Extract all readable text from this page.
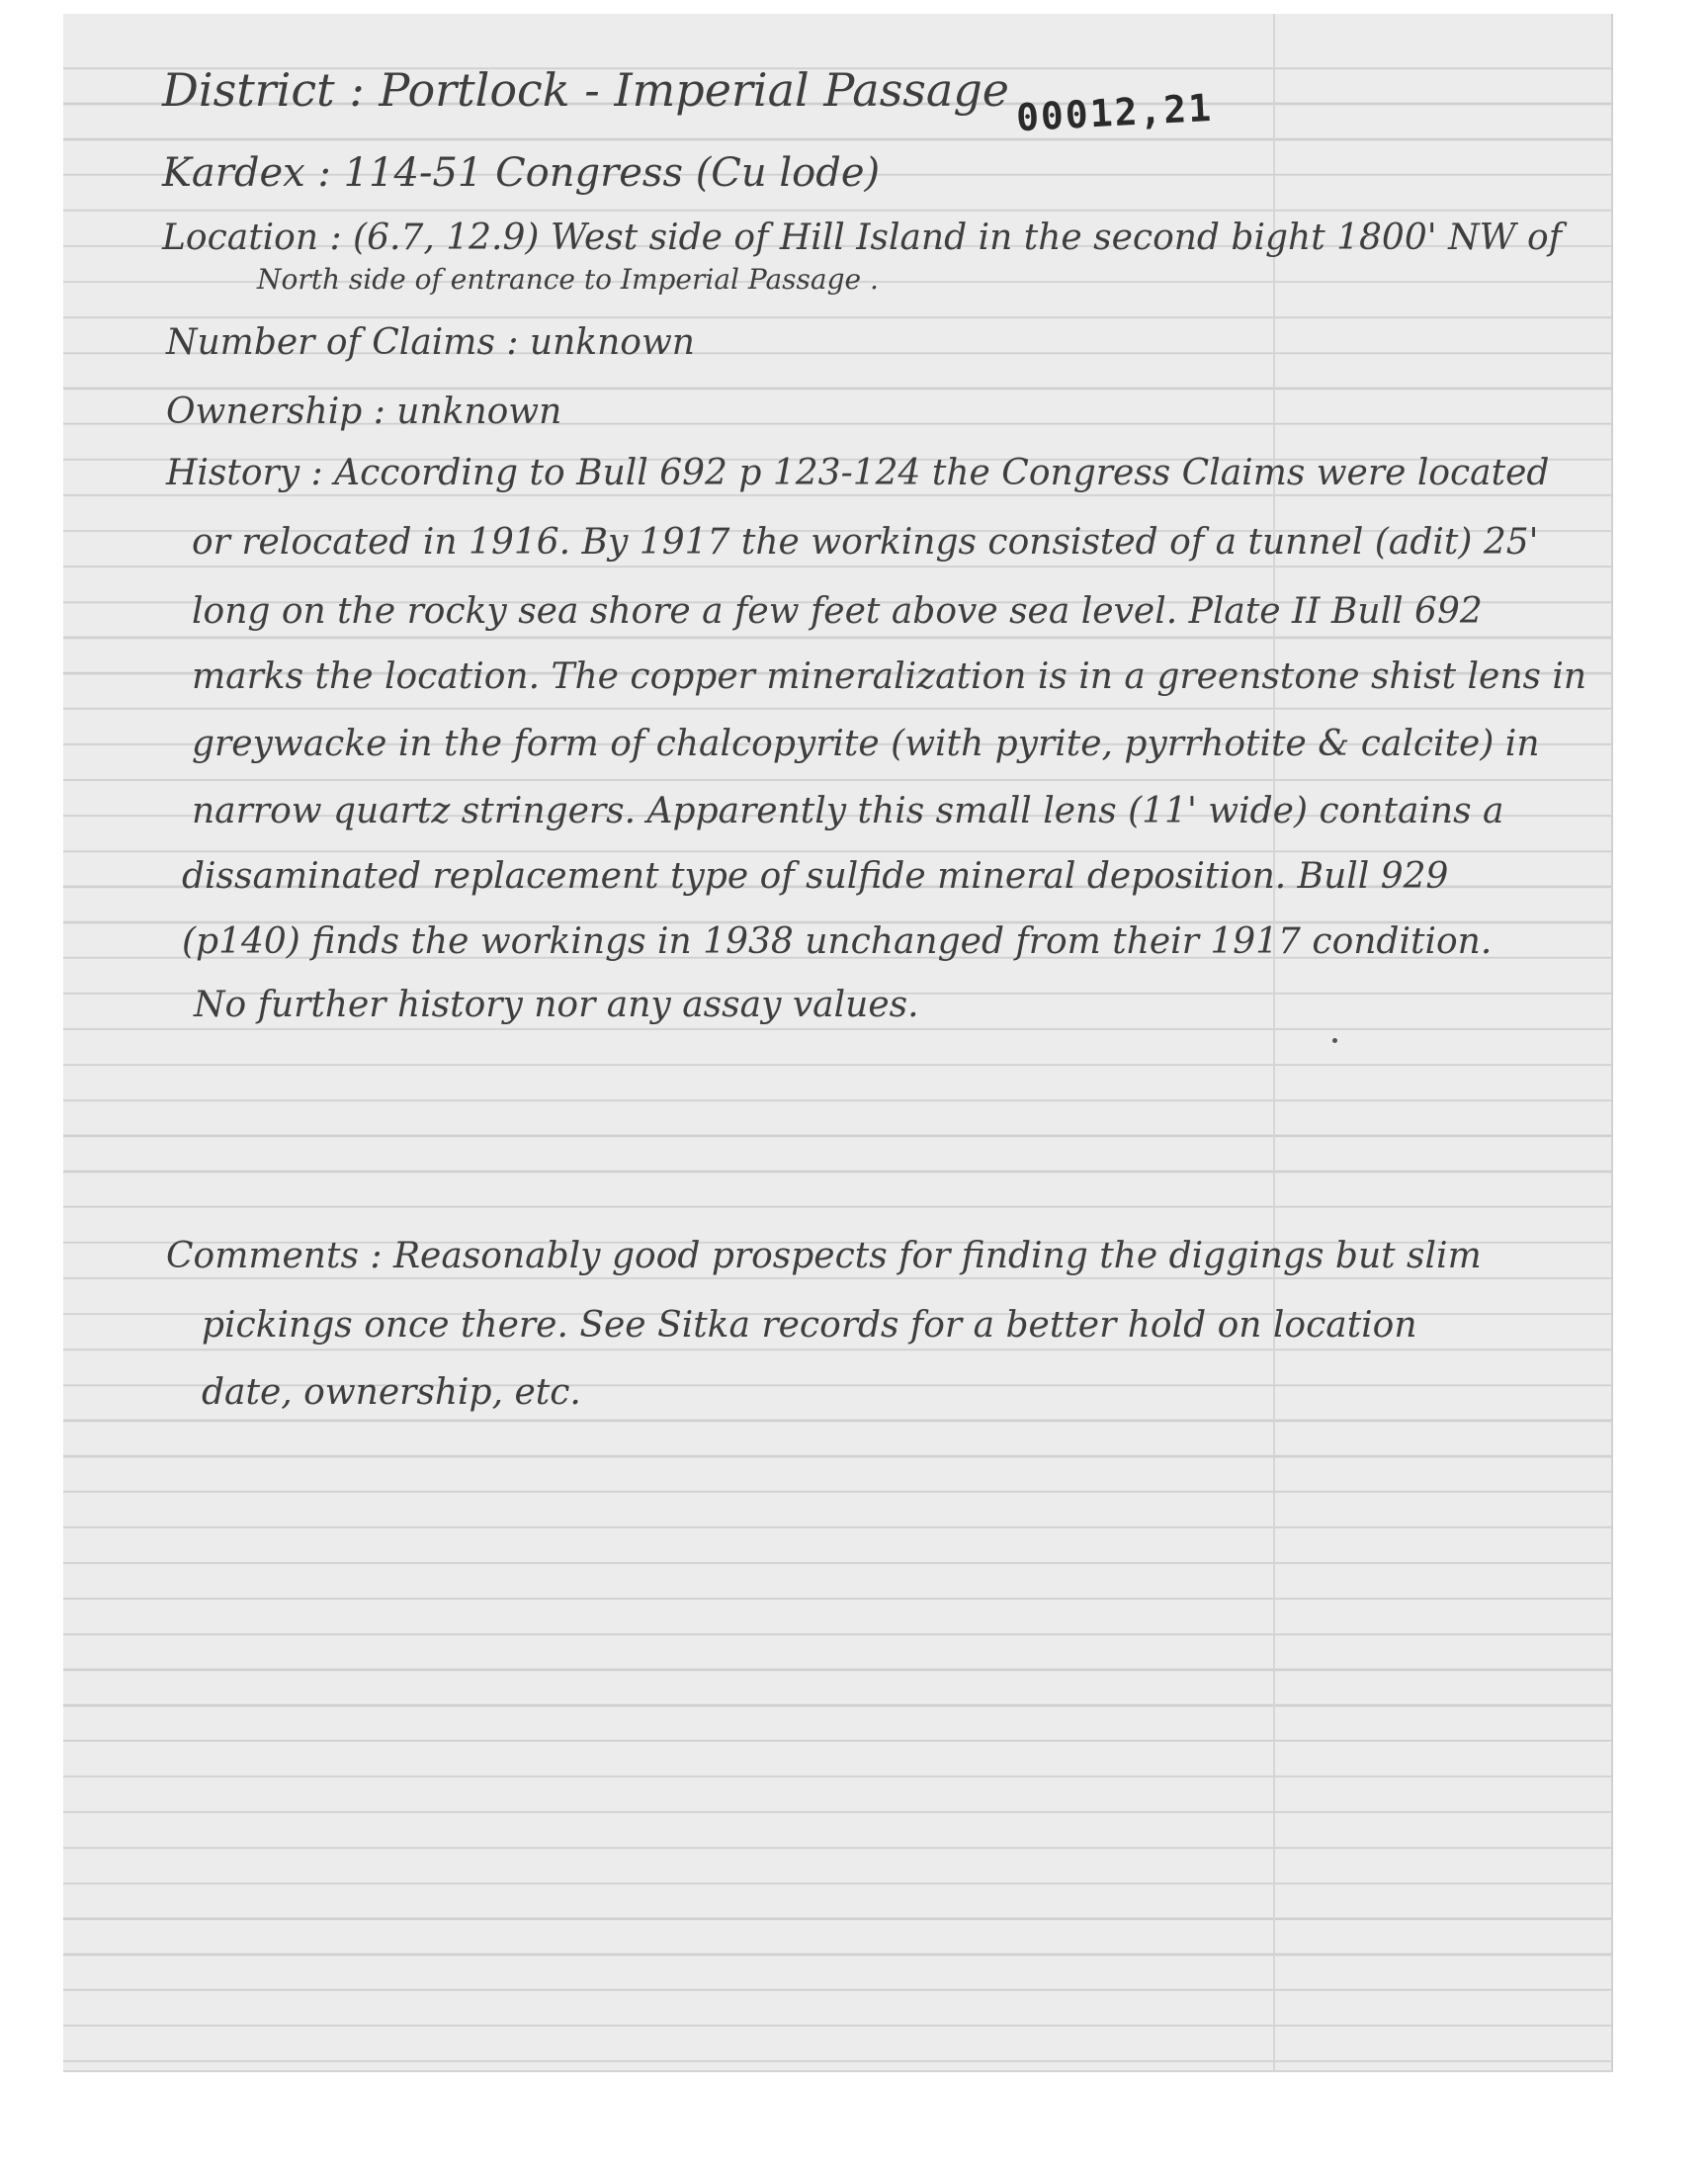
00012,21

District : Portlock - Imperial Passage

Kardex : 114-51 Congress (Cu lode)

Location : (6.7, 12.9) West side of Hill Island in the second bight 1800' NW of

North side of entrance to Imperial Passage .

Number of Claims : unknown

Ownership : unknown

History : According to Bull 692 p 123-124 the Congress Claims were located

or relocated in 1916. By 1917 the workings consisted of a tunnel (adit) 25'

long on the rocky sea shore a few feet above sea level. Plate II Bull 692

marks the location. The copper mineralization is in a greenstone shist lens in

greywacke in the form of chalcopyrite (with pyrite, pyrrhotite & calcite) in

narrow quartz stringers. Apparently this small lens (11' wide) contains a

dissaminated replacement type of sulfide mineral deposition. Bull 929

(p140) finds the workings in 1938 unchanged from their 1917 condition.

No further history nor any assay values.

Comments : Reasonably good prospects for finding the diggings but slim

pickings once there. See Sitka records for a better hold on location

date, ownership, etc.
